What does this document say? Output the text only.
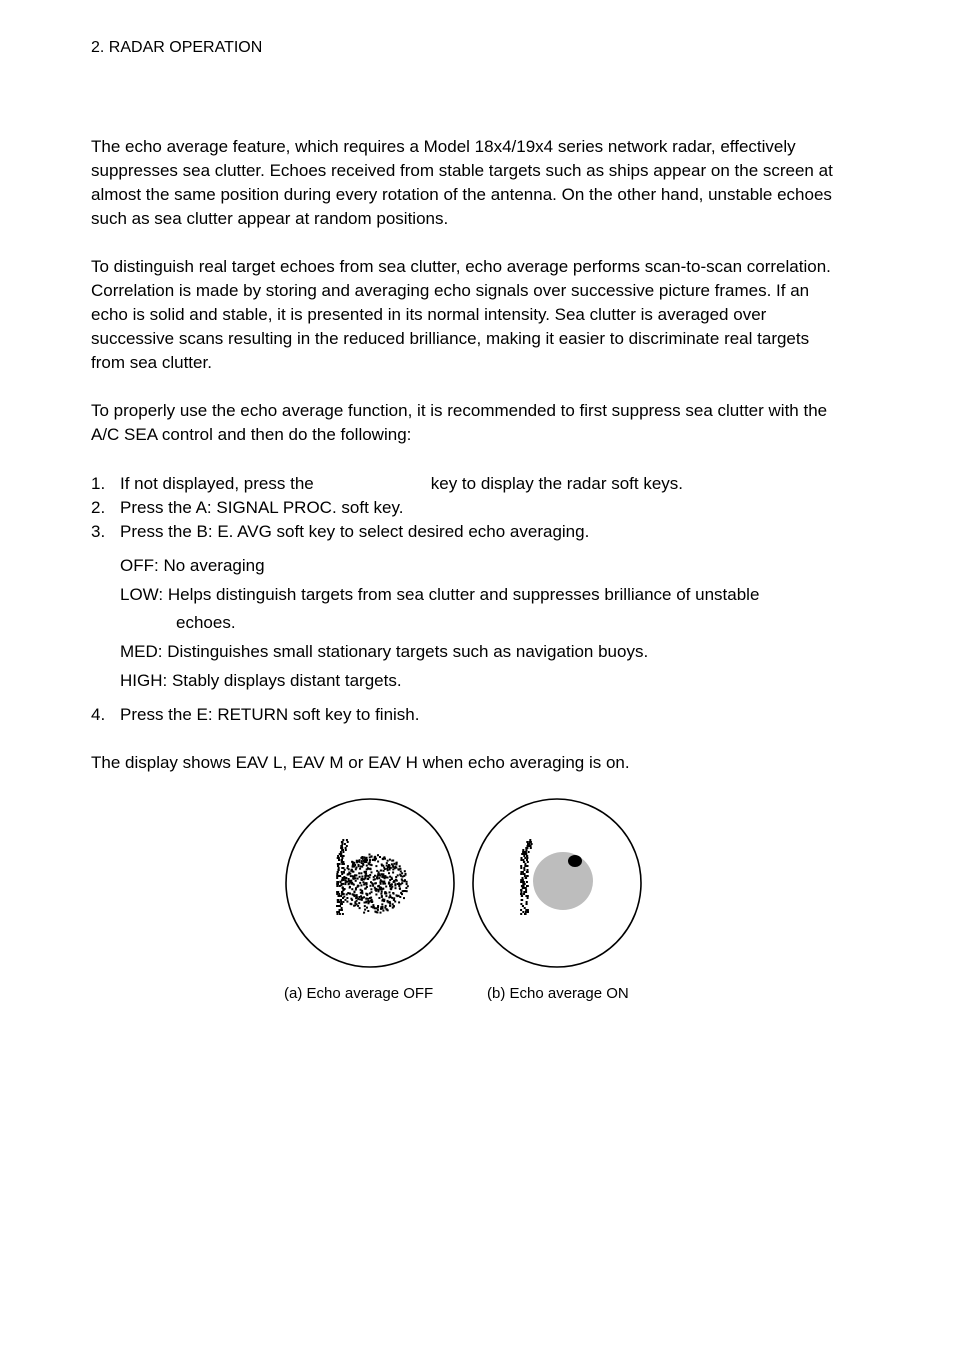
2. RADAR OPERATION

The echo average feature, which requires a Model 18x4/19x4 series network radar, effectively suppresses sea clutter. Echoes received from stable targets such as ships appear on the screen at almost the same position during every rotation of the antenna. On the other hand, unstable echoes such as sea clutter appear at random positions.

To distinguish real target echoes from sea clutter, echo average performs scan-to-scan correlation. Correlation is made by storing and averaging echo signals over successive picture frames. If an echo is solid and stable, it is presented in its normal intensity. Sea clutter is averaged over successive scans resulting in the reduced brilliance, making it easier to discriminate real targets from sea clutter.

To properly use the echo average function, it is recommended to first suppress sea clutter with the A/C SEA control and then do the following:

1. If not displayed, press the	key to display the radar soft keys.
2. Press the A: SIGNAL PROC. soft key.
3. Press the B: E. AVG soft key to select desired echo averaging.
OFF: No averaging
LOW: Helps distinguish targets from sea clutter and suppresses brilliance of unstable
echoes.
MED: Distinguishes small stationary targets such as navigation buoys.
HIGH: Stably displays distant targets.
4. Press the E: RETURN soft key to finish.

The display shows EAV L, EAV M or EAV H when echo averaging is on.

(a) Echo average OFF	(b) Echo average ON
